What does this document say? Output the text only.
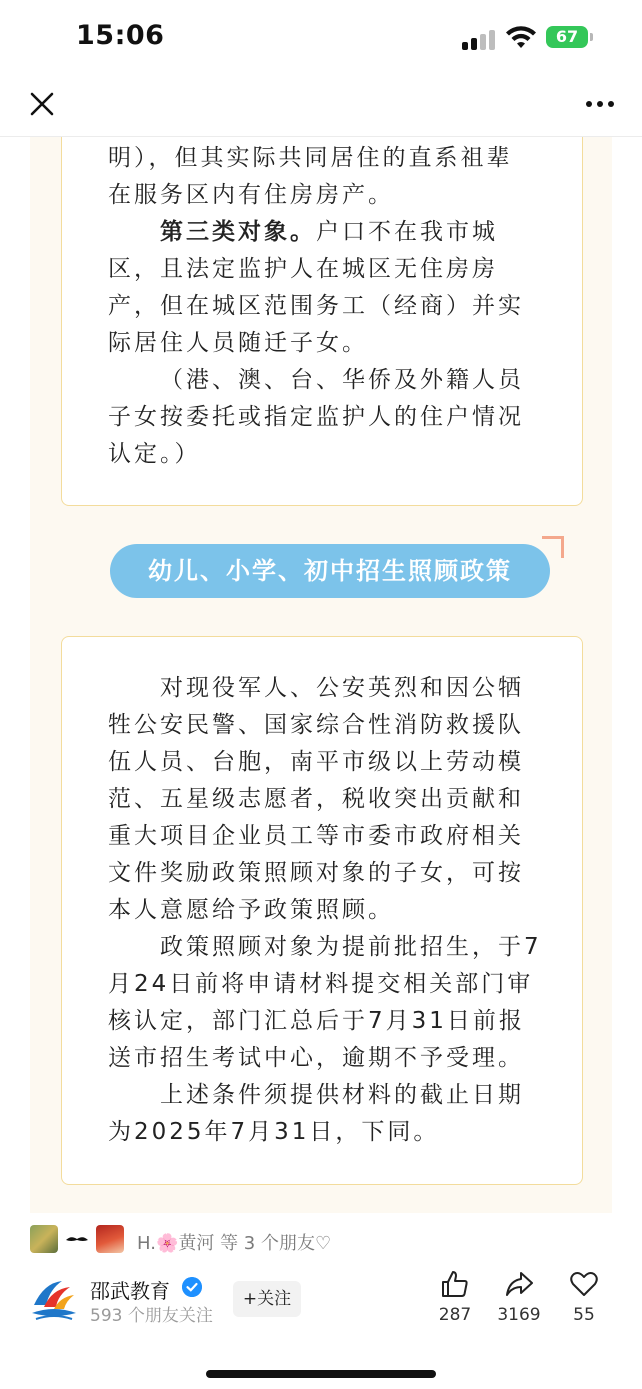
15:06	67
明），但其实际共同居住的直系祖辈
在服务区内有住房房产。
第三类对象。户口不在我市城
区，且法定监护人在城区无住房房
产，但在城区范围务工（经商）并实
际居住人员随迁子女。
（港、澳、台、华侨及外籍人员
子女按委托或指定监护人的住户情况
认定。）
幼儿、小学、初中招生照顾政策
对现役军人、公安英烈和因公牺
牲公安民警、国家综合性消防救援队
伍人员、台胞，南平市级以上劳动模
范、五星级志愿者，税收突出贡献和
重大项目企业员工等市委市政府相关
文件奖励政策照顾对象的子女，可按
本人意愿给予政策照顾。
政策照顾对象为提前批招生，于7
月24日前将申请材料提交相关部门审
核认定，部门汇总后于7月31日前报
送市招生考试中心，逾期不予受理。
上述条件须提供材料的截止日期
为2025年7月31日，下同。
H.🌸黄河 等 3 个朋友♡
邵武教育
593 个朋友关注
+关注
287	3169	55
